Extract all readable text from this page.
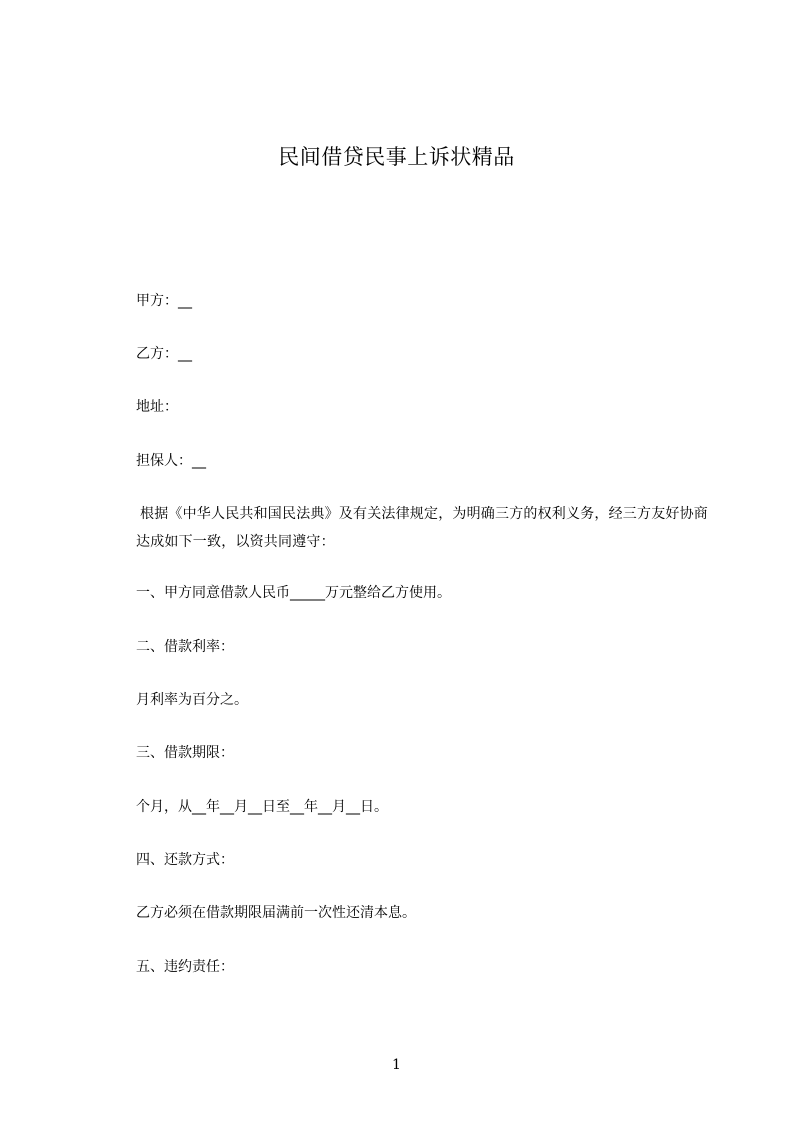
民间借贷民事上诉状精品

甲方：__

乙方：__

地址：

担保人：__

根据《中华人民共和国民法典》及有关法律规定，为明确三方的权利义务，经三方友好协商达成如下一致，以资共同遵守：

一、甲方同意借款人民币_____万元整给乙方使用。

二、借款利率：

月利率为百分之。

三、借款期限：

个月，从__年__月__日至__年__月__日。

四、还款方式：

乙方必须在借款期限届满前一次性还清本息。

五、违约责任：

1
